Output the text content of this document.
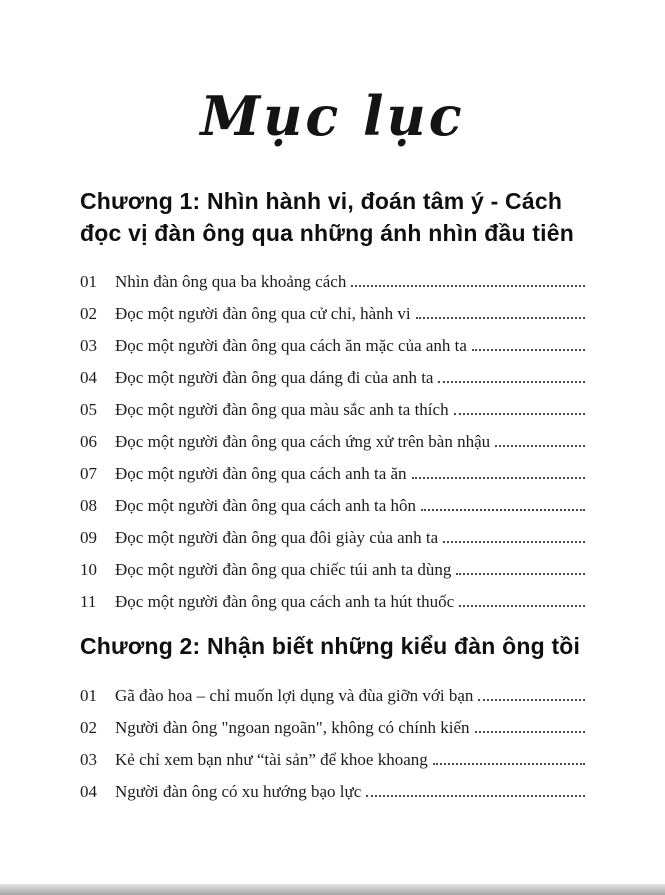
Mục lục
Chương 1: Nhìn hành vi, đoán tâm ý - Cách đọc vị đàn ông qua những ánh nhìn đầu tiên
01	Nhìn đàn ông qua ba khoảng cách
02	Đọc một người đàn ông qua cử chỉ, hành vi
03	Đọc một người đàn ông qua cách ăn mặc của anh ta
04	Đọc một người đàn ông qua dáng đi của anh ta
05	Đọc một người đàn ông qua màu sắc anh ta thích
06	Đọc một người đàn ông qua cách ứng xử trên bàn nhậu
07	Đọc một người đàn ông qua cách anh ta ăn
08	Đọc một người đàn ông qua cách anh ta hôn
09	Đọc một người đàn ông qua đôi giày của anh ta
10	Đọc một người đàn ông qua chiếc túi anh ta dùng
11	Đọc một người đàn ông qua cách anh ta hút thuốc
Chương 2: Nhận biết những kiểu đàn ông tồi
01	Gã đào hoa – chỉ muốn lợi dụng và đùa giỡn với bạn
02	Người đàn ông "ngoan ngoãn", không có chính kiến
03	Kẻ chỉ xem bạn như “tài sản” để khoe khoang
04	Người đàn ông có xu hướng bạo lực
